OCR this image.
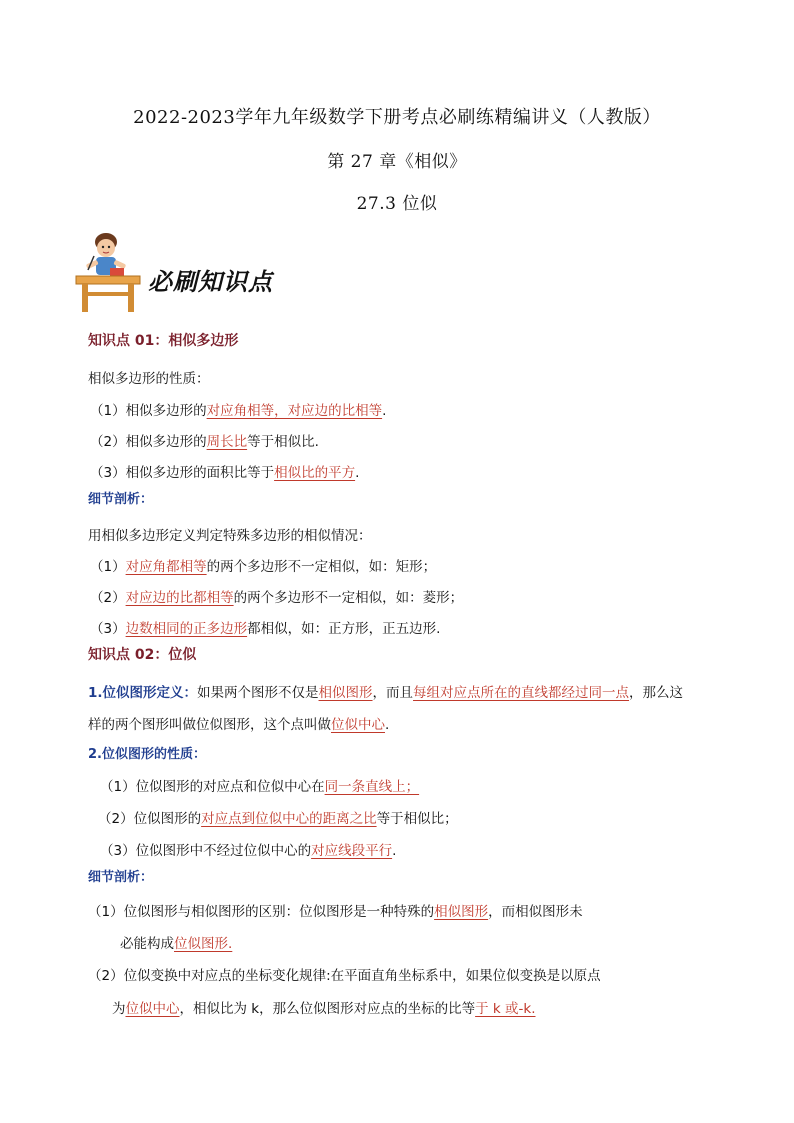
2022-2023学年九年级数学下册考点必刷练精编讲义（人教版）
第 27 章《相似》
27.3 位似
必刷知识点
知识点 01：相似多边形
相似多边形的性质：
（1）相似多边形的对应角相等，对应边的比相等.
（2）相似多边形的周长比等于相似比.
（3）相似多边形的面积比等于相似比的平方.
细节剖析：
用相似多边形定义判定特殊多边形的相似情况：
（1）对应角都相等的两个多边形不一定相似，如：矩形；
（2）对应边的比都相等的两个多边形不一定相似，如：菱形；
（3）边数相同的正多边形都相似，如：正方形，正五边形.
知识点 02：位似
1.位似图形定义：如果两个图形不仅是相似图形，而且每组对应点所在的直线都经过同一点，那么这
样的两个图形叫做位似图形，这个点叫做位似中心.
2.位似图形的性质：
（1）位似图形的对应点和位似中心在同一条直线上；
（2）位似图形的对应点到位似中心的距离之比等于相似比；
（3）位似图形中不经过位似中心的对应线段平行.
细节剖析：
（1）位似图形与相似图形的区别：位似图形是一种特殊的相似图形，而相似图形未
必能构成位似图形.
（2）位似变换中对应点的坐标变化规律:在平面直角坐标系中，如果位似变换是以原点
为位似中心，相似比为 k，那么位似图形对应点的坐标的比等于 k 或-k.
